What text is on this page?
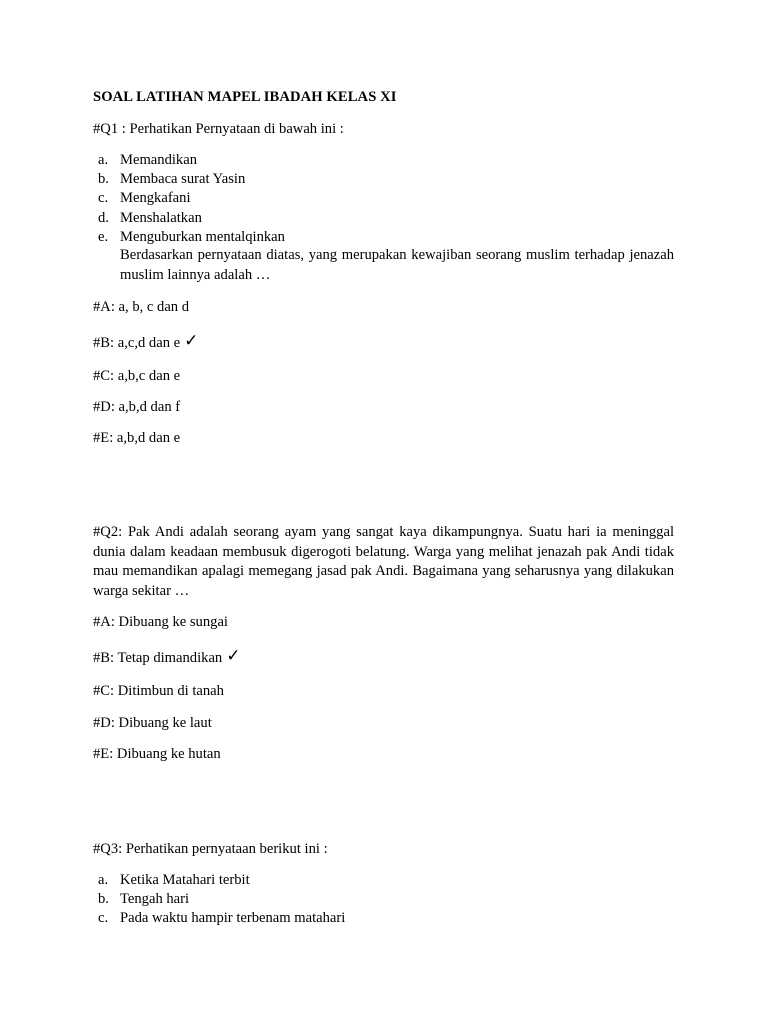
SOAL LATIHAN MAPEL IBADAH KELAS XI
#Q1 : Perhatikan Pernyataan di bawah ini :
a. Memandikan
b. Membaca surat Yasin
c. Mengkafani
d. Menshalatkan
e. Menguburkan mentalqinkan
Berdasarkan pernyataan diatas, yang merupakan kewajiban seorang muslim terhadap jenazah muslim lainnya adalah …
#A: a, b, c dan d
#B: a,c,d dan e ✓
#C: a,b,c dan e
#D: a,b,d dan f
#E: a,b,d dan e
#Q2: Pak Andi adalah seorang ayam yang sangat kaya dikampungnya. Suatu hari ia meninggal dunia dalam keadaan membusuk digerogoti belatung. Warga yang melihat jenazah pak Andi tidak mau memandikan apalagi memegang jasad pak Andi. Bagaimana yang seharusnya yang dilakukan warga sekitar …
#A: Dibuang ke sungai
#B: Tetap dimandikan ✓
#C: Ditimbun di tanah
#D: Dibuang ke laut
#E: Dibuang ke hutan
#Q3: Perhatikan pernyataan berikut ini :
a. Ketika Matahari terbit
b. Tengah hari
c. Pada waktu hampir terbenam matahari
